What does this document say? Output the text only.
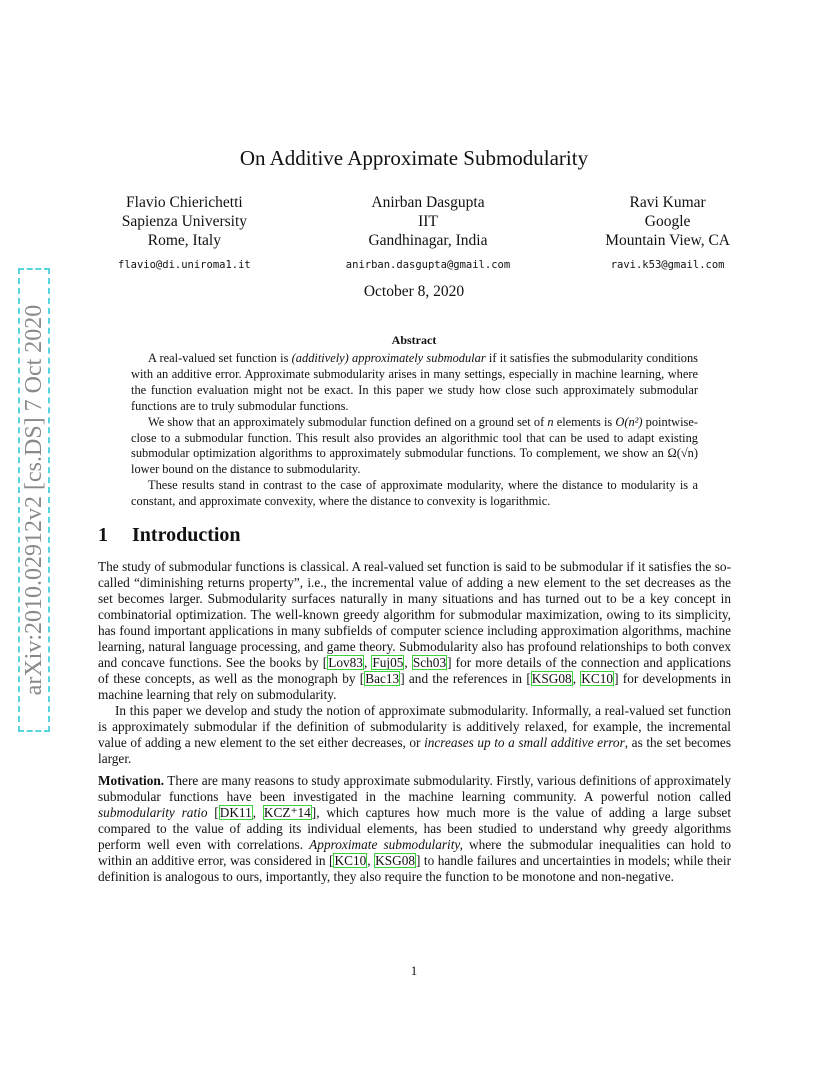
arXiv:2010.02912v2 [cs.DS] 7 Oct 2020
On Additive Approximate Submodularity
Flavio Chierichetti
Sapienza University
Rome, Italy
flavio@di.uniroma1.it
Anirban Dasgupta
IIT
Gandhinagar, India
anirban.dasgupta@gmail.com
Ravi Kumar
Google
Mountain View, CA
ravi.k53@gmail.com
October 8, 2020
Abstract

A real-valued set function is (additively) approximately submodular if it satisfies the submodularity conditions with an additive error. Approximate submodularity arises in many settings, especially in machine learning, where the function evaluation might not be exact. In this paper we study how close such approximately submodular functions are to truly submodular functions.

We show that an approximately submodular function defined on a ground set of n elements is O(n²) pointwise-close to a submodular function. This result also provides an algorithmic tool that can be used to adapt existing submodular optimization algorithms to approximately submodular functions. To complement, we show an Ω(√n) lower bound on the distance to submodularity.

These results stand in contrast to the case of approximate modularity, where the distance to modularity is a constant, and approximate convexity, where the distance to convexity is logarithmic.

1 Introduction

The study of submodular functions is classical. A real-valued set function is said to be submodular if it satisfies the so-called “diminishing returns property”, i.e., the incremental value of adding a new element to the set decreases as the set becomes larger. Submodularity surfaces naturally in many situations and has turned out to be a key concept in combinatorial optimization. The well-known greedy algorithm for submodular maximization, owing to its simplicity, has found important applications in many subfields of computer science including approximation algorithms, machine learning, natural language processing, and game theory. Submodularity also has profound relationships to both convex and concave functions. See the books by [Lov83, Fuj05, Sch03] for more details of the connection and applications of these concepts, as well as the monograph by [Bac13] and the references in [KSG08, KC10] for developments in machine learning that rely on submodularity.

In this paper we develop and study the notion of approximate submodularity. Informally, a real-valued set function is approximately submodular if the definition of submodularity is additively relaxed, for example, the incremental value of adding a new element to the set either decreases, or increases up to a small additive error, as the set becomes larger.

Motivation. There are many reasons to study approximate submodularity. Firstly, various definitions of approximately submodular functions have been investigated in the machine learning community. A powerful notion called submodularity ratio [DK11, KCZ⁺14], which captures how much more is the value of adding a large subset compared to the value of adding its individual elements, has been studied to understand why greedy algorithms perform well even with correlations. Approximate submodularity, where the submodular inequalities can hold to within an additive error, was considered in [KC10, KSG08] to handle failures and uncertainties in models; while their definition is analogous to ours, importantly, they also require the function to be monotone and non-negative.

1
